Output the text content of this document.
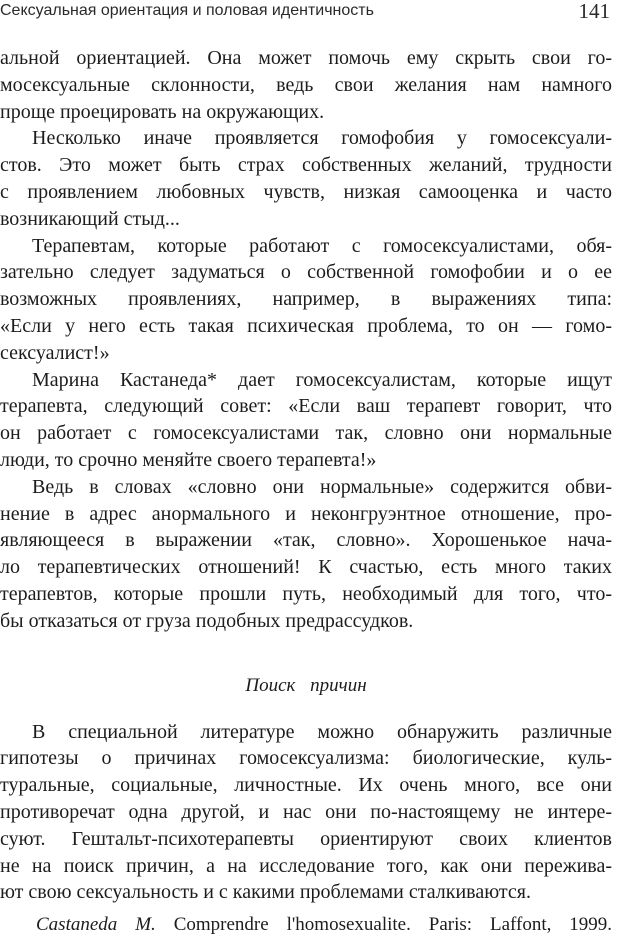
Сексуальная ориентация и половая идентичность	141
альной ориентацией. Она может помочь ему скрыть свои го-
мосексуальные склонности, ведь свои желания нам намного
проще проецировать на окружающих.
Несколько иначе проявляется гомофобия у гомосексуали-
стов. Это может быть страх собственных желаний, трудности
с проявлением любовных чувств, низкая самооценка и часто
возникающий стыд...
Терапевтам, которые работают с гомосексуалистами, обя-
зательно следует задуматься о собственной гомофобии и о ее
возможных проявлениях, например, в выражениях типа:
«Если у него есть такая психическая проблема, то он — гомо-
сексуалист!»
Марина Кастанеда* дает гомосексуалистам, которые ищут
терапевта, следующий совет: «Если ваш терапевт говорит, что
он работает с гомосексуалистами так, словно они нормальные
люди, то срочно меняйте своего терапевта!»
Ведь в словах «словно они нормальные» содержится обви-
нение в адрес анормального и неконгруэнтное отношение, про-
являющееся в выражении «так, словно». Хорошенькое нача-
ло терапевтических отношений! К счастью, есть много таких
терапевтов, которые прошли путь, необходимый для того, что-
бы отказаться от груза подобных предрассудков.
Поиск причин
В специальной литературе можно обнаружить различные
гипотезы о причинах гомосексуализма: биологические, куль-
туральные, социальные, личностные. Их очень много, все они
противоречат одна другой, и нас они по-настоящему не интере-
суют. Гештальт-психотерапевты ориентируют своих клиентов
не на поиск причин, а на исследование того, как они пережива-
ют свою сексуальность и с какими проблемами сталкиваются.
Castaneda M. Comprendre l'homosexualite. Paris: Laffont, 1999.
